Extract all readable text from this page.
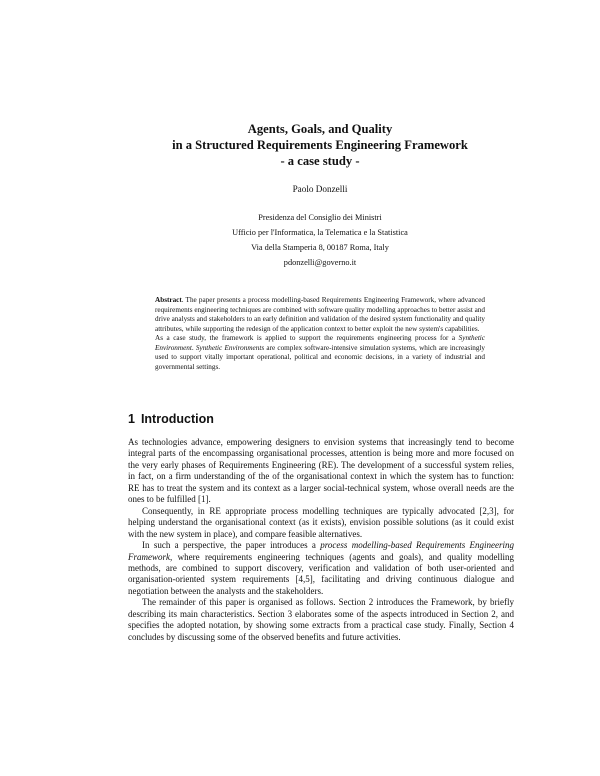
Agents, Goals, and Quality
in a Structured Requirements Engineering Framework
- a case study -
Paolo Donzelli
Presidenza del Consiglio dei Ministri
Ufficio per l'Informatica, la Telematica e la Statistica
Via della Stamperia 8, 00187 Roma, Italy
pdonzelli@governo.it

Abstract. The paper presents a process modelling-based Requirements Engineering Framework, where advanced requirements engineering techniques are combined with software quality modelling approaches to better assist and drive analysts and stakeholders to an early definition and validation of the desired system functionality and quality attributes, while supporting the redesign of the application context to better exploit the new system's capabilities.

As a case study, the framework is applied to support the requirements engineering process for a Synthetic Environment. Synthetic Environments are complex software-intensive simulation systems, which are increasingly used to support vitally important operational, political and economic decisions, in a variety of industrial and governmental settings.

1 Introduction

As technologies advance, empowering designers to envision systems that increasingly tend to become integral parts of the encompassing organisational processes, attention is being more and more focused on the very early phases of Requirements Engineering (RE). The development of a successful system relies, in fact, on a firm understanding of the of the organisational context in which the system has to function: RE has to treat the system and its context as a larger social-technical system, whose overall needs are the ones to be fulfilled [1].

Consequently, in RE appropriate process modelling techniques are typically advocated [2,3], for helping understand the organisational context (as it exists), envision possible solutions (as it could exist with the new system in place), and compare feasible alternatives.

In such a perspective, the paper introduces a process modelling-based Requirements Engineering Framework, where requirements engineering techniques (agents and goals), and quality modelling methods, are combined to support discovery, verification and validation of both user-oriented and organisation-oriented system requirements [4,5], facilitating and driving continuous dialogue and negotiation between the analysts and the stakeholders.

The remainder of this paper is organised as follows. Section 2 introduces the Framework, by briefly describing its main characteristics. Section 3 elaborates some of the aspects introduced in Section 2, and specifies the adopted notation, by showing some extracts from a practical case study. Finally, Section 4 concludes by discussing some of the observed benefits and future activities.
